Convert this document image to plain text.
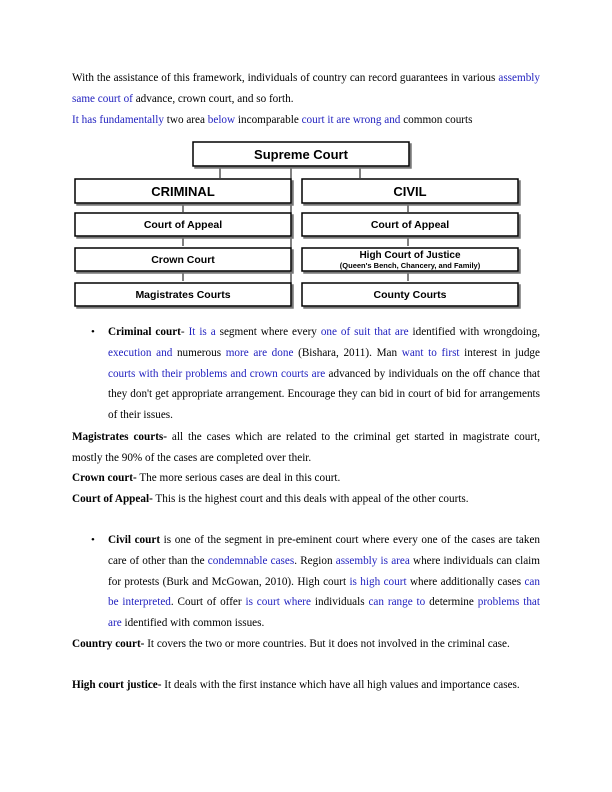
With the assistance of this framework, individuals of country can record guarantees in various assembly same court of advance, crown court, and so forth.

It has fundamentally two area below incomparable court it are wrong and common courts

Supreme Court
CRIMINAL	CIVIL
Court of Appeal
Crown Court
Magistrates Courts
Court of Appeal
High Court of Justice
(Queen's Bench, Chancery, and Family)
County Courts
• Criminal court- It is a segment where every one of suit that are identified with wrongdoing, execution and numerous more are done (Bishara, 2011). Man want to first interest in judge courts with their problems and crown courts are advanced by individuals on the off chance that they don't get appropriate arrangement. Encourage they can bid in court of bid for arrangements of their issues.

Magistrates courts- all the cases which are related to the criminal get started in magistrate court, mostly the 90% of the cases are completed over their.

Crown court- The more serious cases are deal in this court.

Court of Appeal- This is the highest court and this deals with appeal of the other courts.

• Civil court is one of the segment in pre-eminent court where every one of the cases are taken care of other than the condemnable cases. Region assembly is area where individuals can claim for protests (Burk and McGowan, 2010). High court is high court where additionally cases can be interpreted. Court of offer is court where individuals can range to determine problems that are identified with common issues.

Country court- It covers the two or more countries. But it does not involved in the criminal case.

High court justice- It deals with the first instance which have all high values and importance cases.
